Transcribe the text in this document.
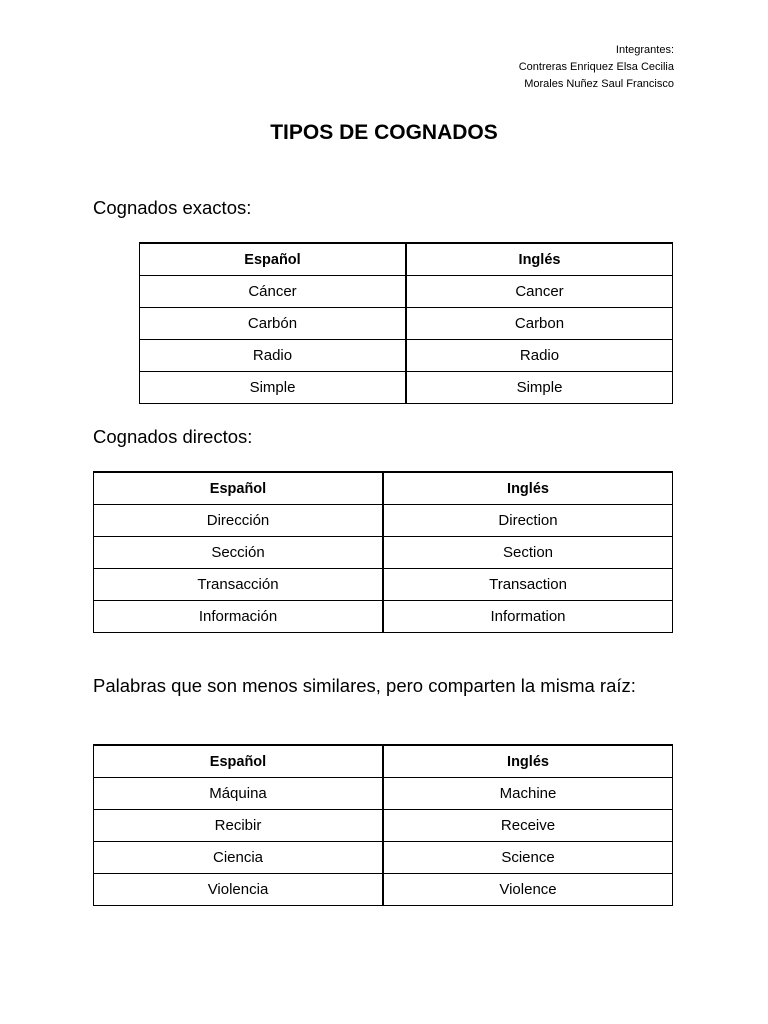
Integrantes:
Contreras Enriquez Elsa Cecilia
Morales Nuñez Saul Francisco
TIPOS DE COGNADOS
Cognados exactos:
Español	Inglés
Cáncer	Cancer
Carbón	Carbon
Radio	Radio
Simple	Simple
Cognados directos:
Español	Inglés
Dirección	Direction
Sección	Section
Transacción	Transaction
Información	Information
Palabras que son menos similares, pero comparten la misma raíz:
Español	Inglés
Máquina	Machine
Recibir	Receive
Ciencia	Science
Violencia	Violence
